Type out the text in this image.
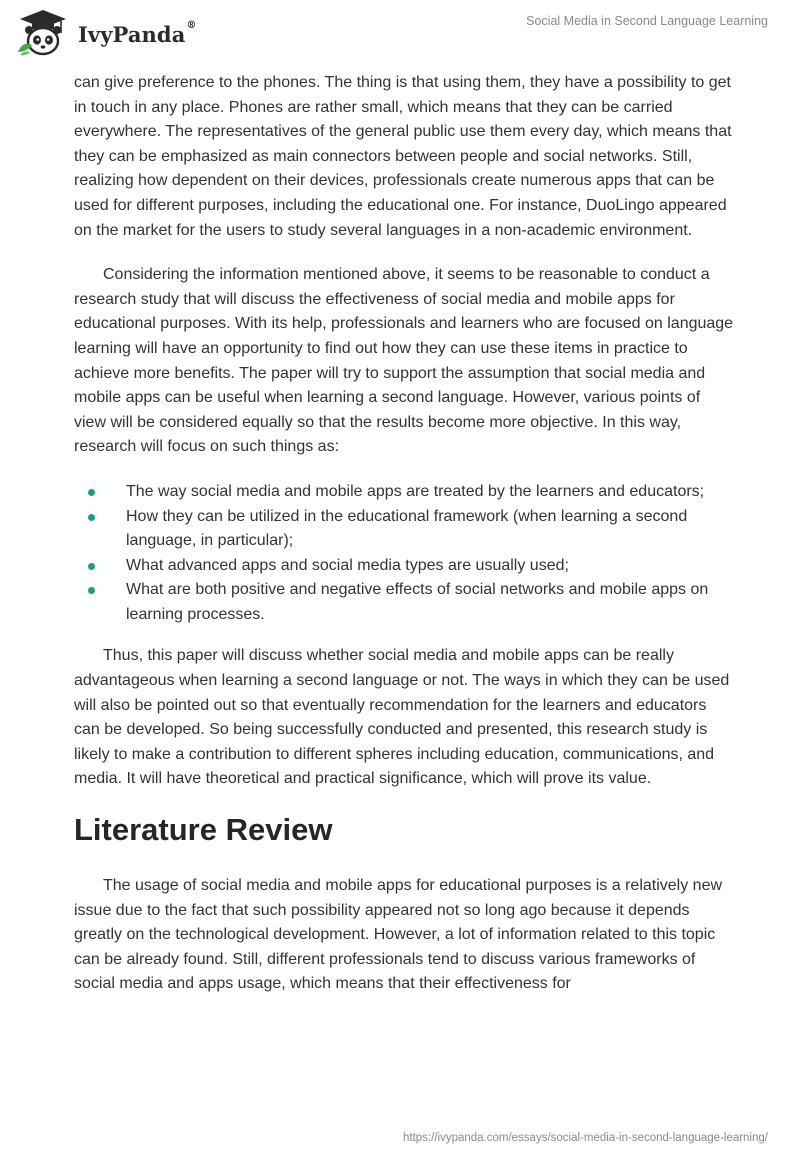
IvyPanda®	Social Media in Second Language Learning

can give preference to the phones. The thing is that using them, they have a possibility to get in touch in any place. Phones are rather small, which means that they can be carried everywhere. The representatives of the general public use them every day, which means that they can be emphasized as main connectors between people and social networks. Still, realizing how dependent on their devices, professionals create numerous apps that can be used for different purposes, including the educational one. For instance, DuoLingo appeared on the market for the users to study several languages in a non-academic environment.

Considering the information mentioned above, it seems to be reasonable to conduct a research study that will discuss the effectiveness of social media and mobile apps for educational purposes. With its help, professionals and learners who are focused on language learning will have an opportunity to find out how they can use these items in practice to achieve more benefits. The paper will try to support the assumption that social media and mobile apps can be useful when learning a second language. However, various points of view will be considered equally so that the results become more objective. In this way, research will focus on such things as:

The way social media and mobile apps are treated by the learners and educators;
How they can be utilized in the educational framework (when learning a second language, in particular);
What advanced apps and social media types are usually used;
What are both positive and negative effects of social networks and mobile apps on learning processes.

Thus, this paper will discuss whether social media and mobile apps can be really advantageous when learning a second language or not. The ways in which they can be used will also be pointed out so that eventually recommendation for the learners and educators can be developed. So being successfully conducted and presented, this research study is likely to make a contribution to different spheres including education, communications, and media. It will have theoretical and practical significance, which will prove its value.

Literature Review

The usage of social media and mobile apps for educational purposes is a relatively new issue due to the fact that such possibility appeared not so long ago because it depends greatly on the technological development. However, a lot of information related to this topic can be already found. Still, different professionals tend to discuss various frameworks of social media and apps usage, which means that their effectiveness for

https://ivypanda.com/essays/social-media-in-second-language-learning/
